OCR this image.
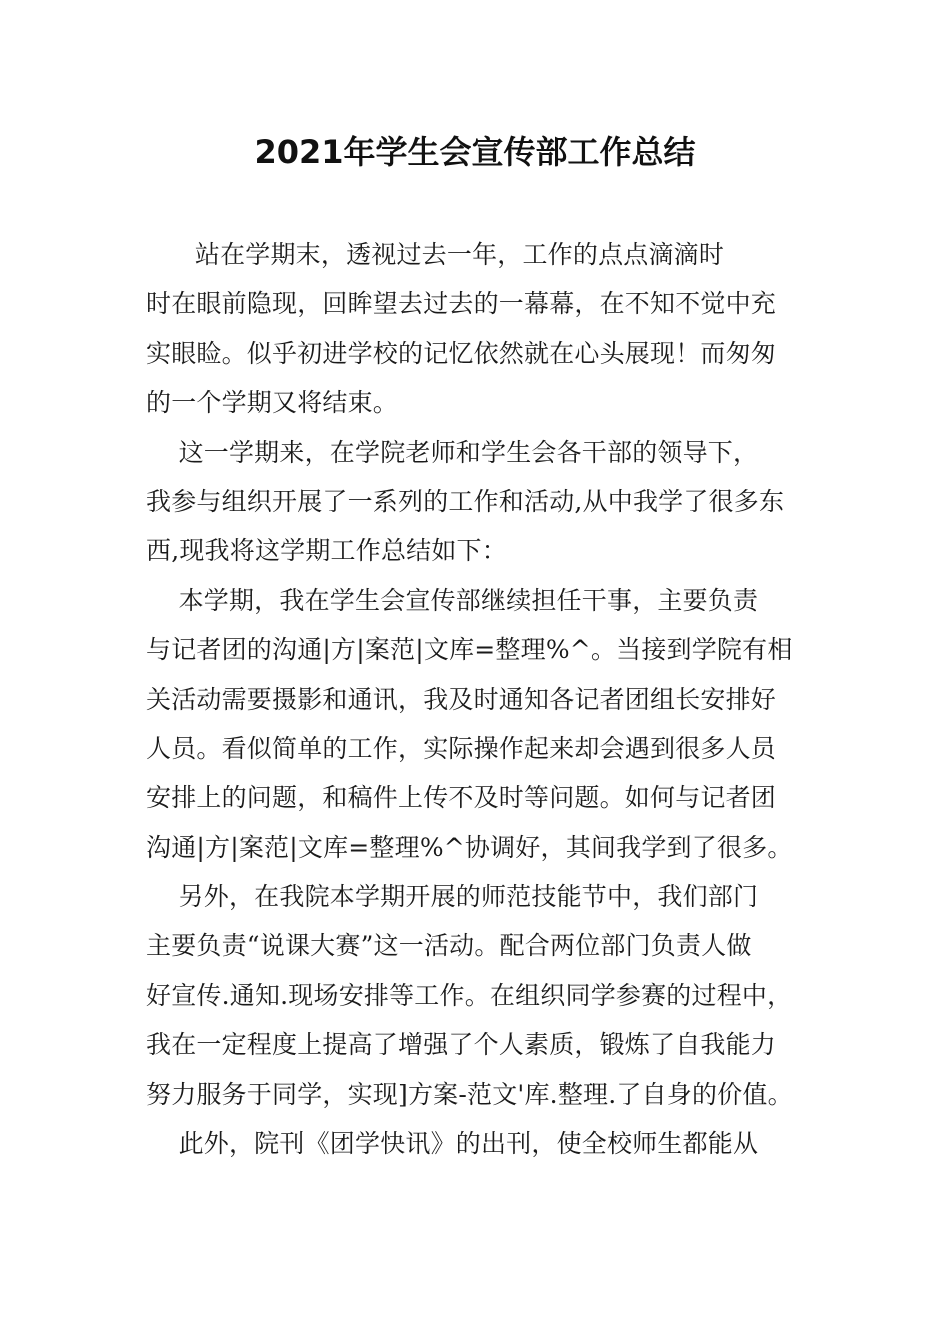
2021年学生会宣传部工作总结
站在学期末，透视过去一年，工作的点点滴滴时
时在眼前隐现，回眸望去过去的一幕幕，在不知不觉中充
实眼睑。似乎初进学校的记忆依然就在心头展现！而匆匆
的一个学期又将结束。
这一学期来，在学院老师和学生会各干部的领导下，
我参与组织开展了一系列的工作和活动,从中我学了很多东
西,现我将这学期工作总结如下：
本学期，我在学生会宣传部继续担任干事，主要负责
与记者团的沟通|方|案范|文库=整理%^。当接到学院有相
关活动需要摄影和通讯，我及时通知各记者团组长安排好
人员。看似简单的工作，实际操作起来却会遇到很多人员
安排上的问题，和稿件上传不及时等问题。如何与记者团
沟通|方|案范|文库=整理%^协调好，其间我学到了很多。
另外，在我院本学期开展的师范技能节中，我们部门
主要负责“说课大赛”这一活动。配合两位部门负责人做
好宣传.通知.现场安排等工作。在组织同学参赛的过程中，
我在一定程度上提高了增强了个人素质，锻炼了自我能力
努力服务于同学，实现]方案-范文'库.整理.了自身的价值。
此外，院刊《团学快讯》的出刊，使全校师生都能从
